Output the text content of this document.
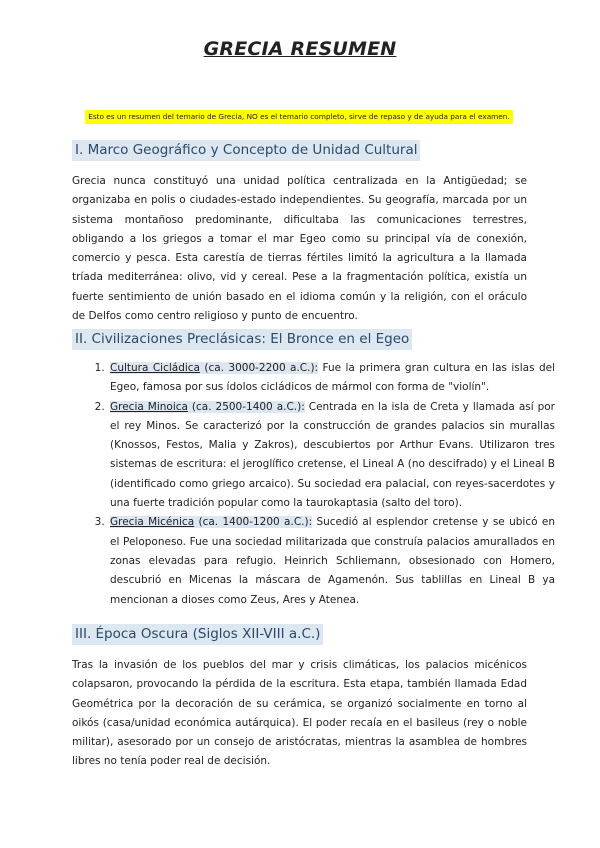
GRECIA RESUMEN
Esto es un resumen del temario de Grecia, NO es el temario completo, sirve de repaso y de ayuda para el examen.
I. Marco Geográfico y Concepto de Unidad Cultural

Grecia nunca constituyó una unidad política centralizada en la Antigüedad; se organizaba en polis o ciudades-estado independientes. Su geografía, marcada por un sistema montañoso predominante, dificultaba las comunicaciones terrestres, obligando a los griegos a tomar el mar Egeo como su principal vía de conexión, comercio y pesca. Esta carestía de tierras fértiles limitó la agricultura a la llamada tríada mediterránea: olivo, vid y cereal. Pese a la fragmentación política, existía un fuerte sentimiento de unión basado en el idioma común y la religión, con el oráculo de Delfos como centro religioso y punto de encuentro.

II. Civilizaciones Preclásicas: El Bronce en el Egeo
1. Cultura Cicládica (ca. 3000-2200 a.C.): Fue la primera gran cultura en las islas del Egeo, famosa por sus ídolos cicládicos de mármol con forma de "violín".
2. Grecia Minoica (ca. 2500-1400 a.C.): Centrada en la isla de Creta y llamada así por el rey Minos. Se caracterizó por la construcción de grandes palacios sin murallas (Knossos, Festos, Malia y Zakros), descubiertos por Arthur Evans. Utilizaron tres sistemas de escritura: el jeroglífico cretense, el Lineal A (no descifrado) y el Lineal B (identificado como griego arcaico). Su sociedad era palacial, con reyes-sacerdotes y una fuerte tradición popular como la taurokaptasia (salto del toro).
3. Grecia Micénica (ca. 1400-1200 a.C.): Sucedió al esplendor cretense y se ubicó en el Peloponeso. Fue una sociedad militarizada que construía palacios amurallados en zonas elevadas para refugio. Heinrich Schliemann, obsesionado con Homero, descubrió en Micenas la máscara de Agamenón. Sus tablillas en Lineal B ya mencionan a dioses como Zeus, Ares y Atenea.
III. Época Oscura (Siglos XII-VIII a.C.)

Tras la invasión de los pueblos del mar y crisis climáticas, los palacios micénicos colapsaron, provocando la pérdida de la escritura. Esta etapa, también llamada Edad Geométrica por la decoración de su cerámica, se organizó socialmente en torno al oikós (casa/unidad económica autárquica). El poder recaía en el basileus (rey o noble militar), asesorado por un consejo de aristócratas, mientras la asamblea de hombres libres no tenía poder real de decisión.
